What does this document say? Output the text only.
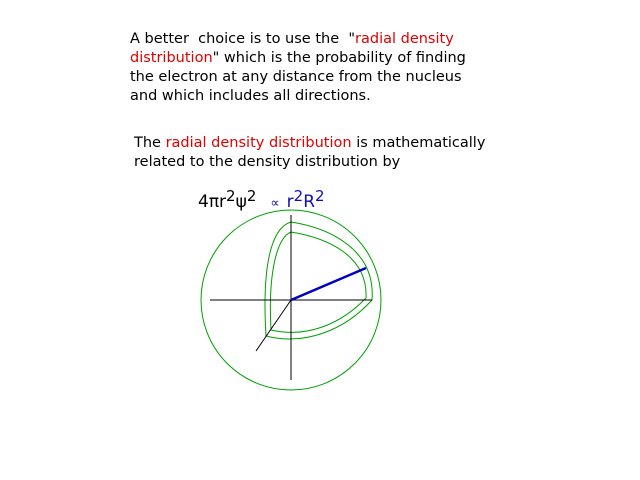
A better  choice is to use the  "radial density
distribution" which is the probability of finding
the electron at any distance from the nucleus
and which includes all directions.
The radial density distribution is mathematically
related to the density distribution by
$4\pi r^2\psi^2 \propto r^2R^2$
